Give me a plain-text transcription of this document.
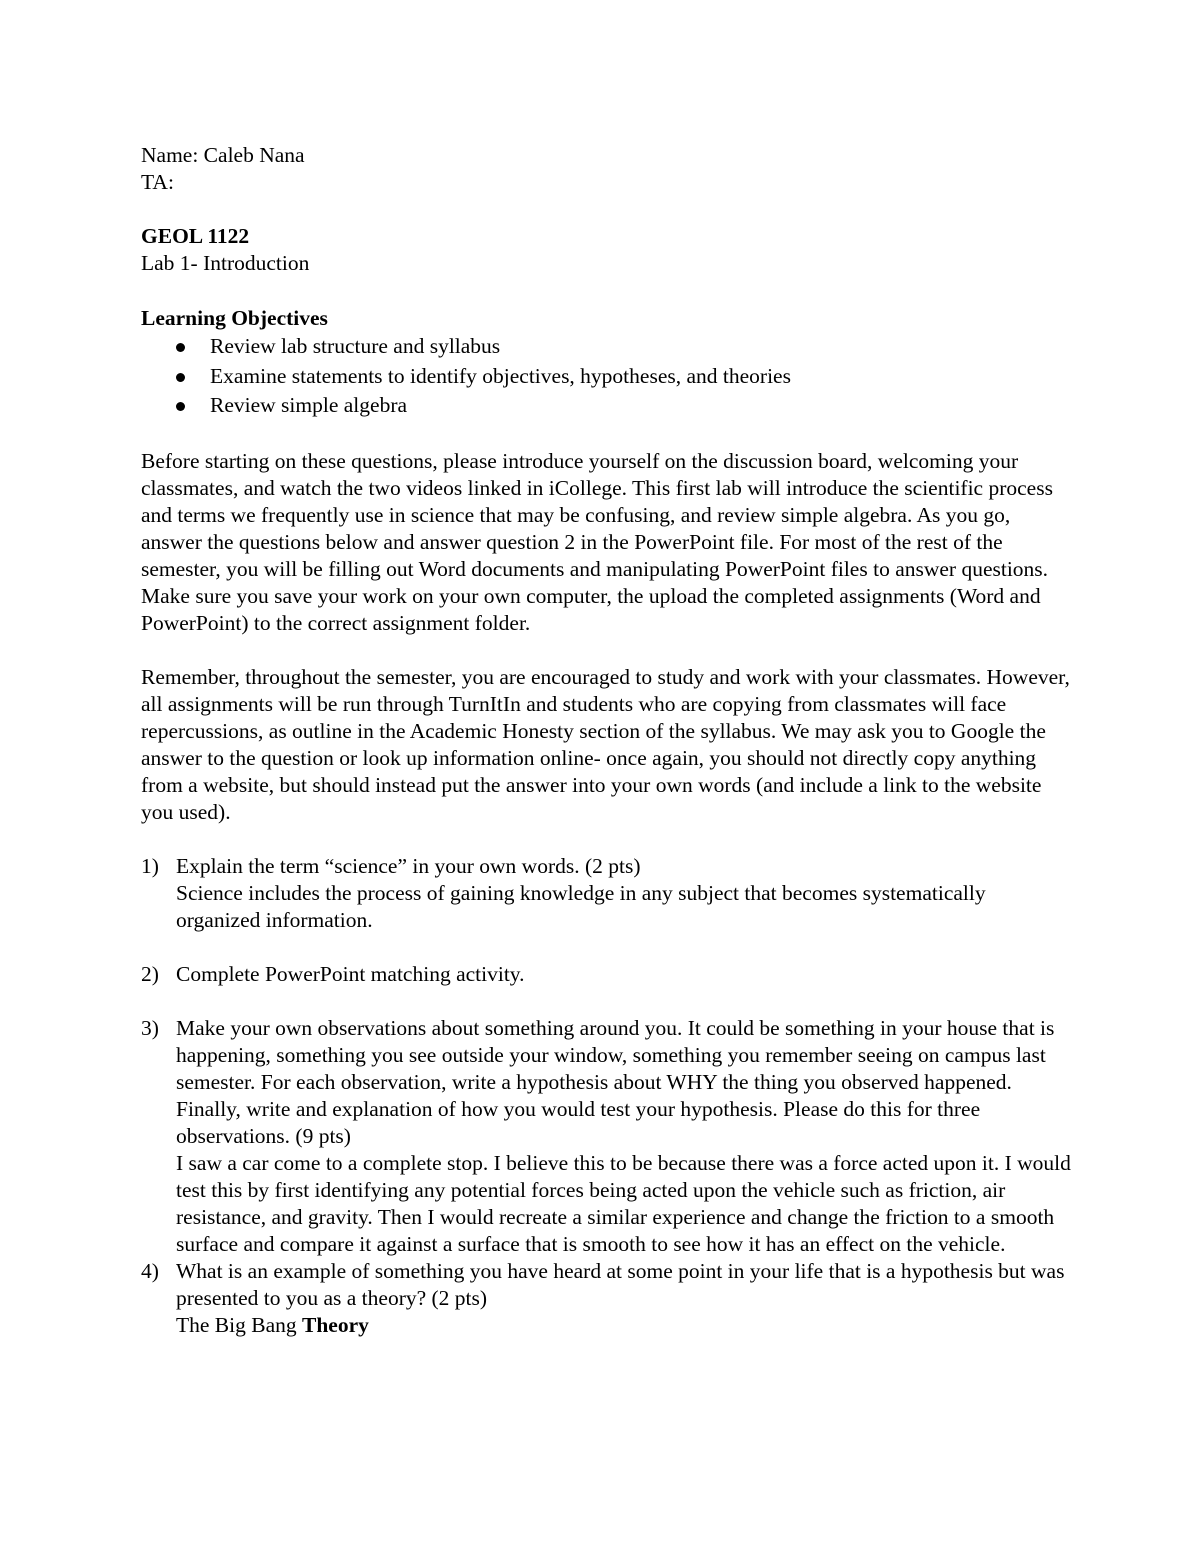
Name: Caleb Nana
TA:
GEOL 1122
Lab 1- Introduction
Learning Objectives
Review lab structure and syllabus
Examine statements to identify objectives, hypotheses, and theories
Review simple algebra

Before starting on these questions, please introduce yourself on the discussion board, welcoming your classmates, and watch the two videos linked in iCollege. This first lab will introduce the scientific process and terms we frequently use in science that may be confusing, and review simple algebra. As you go, answer the questions below and answer question 2 in the PowerPoint file. For most of the rest of the semester, you will be filling out Word documents and manipulating PowerPoint files to answer questions. Make sure you save your work on your own computer, the upload the completed assignments (Word and PowerPoint) to the correct assignment folder.

Remember, throughout the semester, you are encouraged to study and work with your classmates. However, all assignments will be run through TurnItIn and students who are copying from classmates will face repercussions, as outline in the Academic Honesty section of the syllabus. We may ask you to Google the answer to the question or look up information online- once again, you should not directly copy anything from a website, but should instead put the answer into your own words (and include a link to the website you used).

1) Explain the term “science” in your own words. (2 pts)
Science includes the process of gaining knowledge in any subject that becomes systematically organized information.
2) Complete PowerPoint matching activity.
3) Make your own observations about something around you. It could be something in your house that is happening, something you see outside your window, something you remember seeing on campus last semester. For each observation, write a hypothesis about WHY the thing you observed happened. Finally, write and explanation of how you would test your hypothesis. Please do this for three observations. (9 pts)
I saw a car come to a complete stop. I believe this to be because there was a force acted upon it. I would test this by first identifying any potential forces being acted upon the vehicle such as friction, air resistance, and gravity. Then I would recreate a similar experience and change the friction to a smooth surface and compare it against a surface that is smooth to see how it has an effect on the vehicle.
4) What is an example of something you have heard at some point in your life that is a hypothesis but was presented to you as a theory? (2 pts)
The Big Bang Theory
